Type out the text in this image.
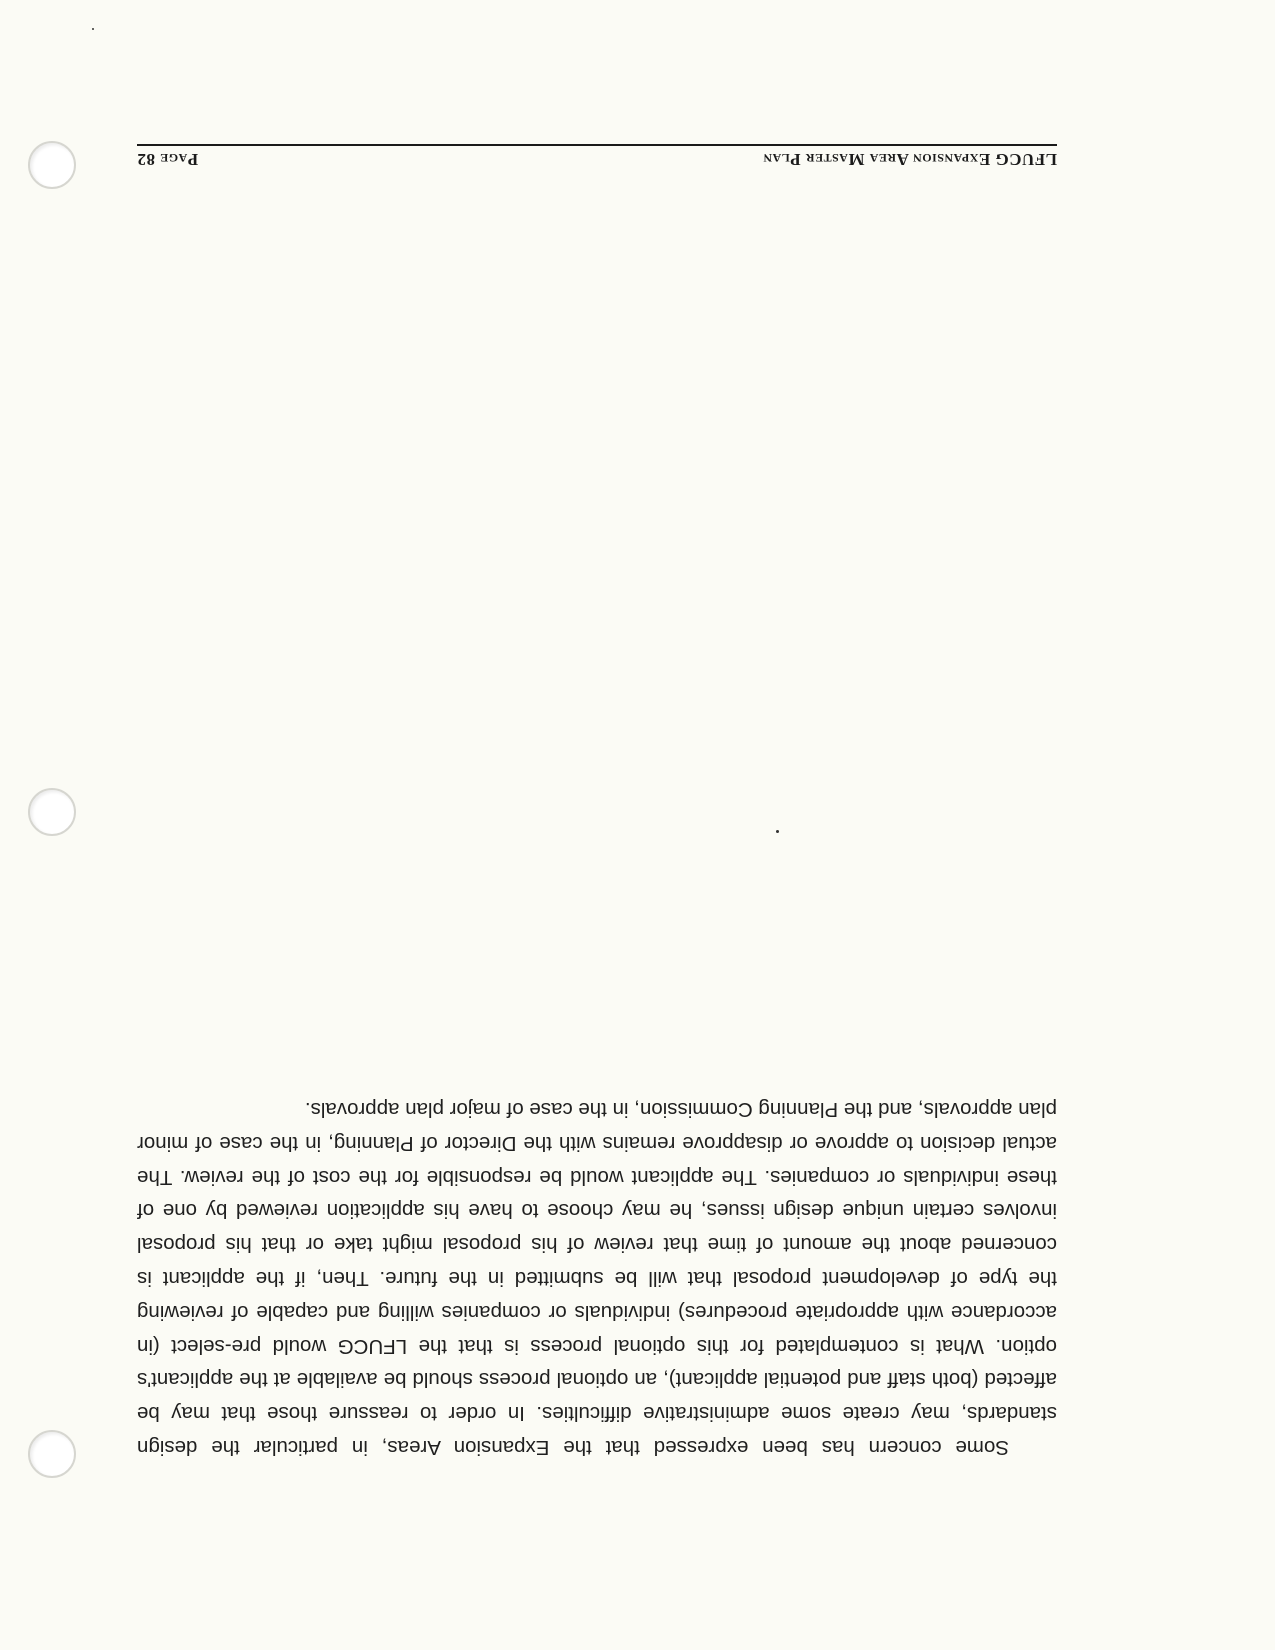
LFUCG Expansion Area Master Plan
Page 82

Some concern has been expressed that the Expansion Areas, in particular the design standards, may create some administrative difficulties. In order to reassure those that may be affected (both staff and potential applicant), an optional process should be available at the applicant's option. What is contemplated for this optional process is that the LFUCG would pre-select (in accordance with appropriate procedures) individuals or companies willing and capable of reviewing the type of development proposal that will be submitted in the future. Then, if the applicant is concerned about the amount of time that review of his proposal might take or that his proposal involves certain unique design issues, he may choose to have his application reviewed by one of these individuals or companies. The applicant would be responsible for the cost of the review. The actual decision to approve or disapprove remains with the Director of Planning, in the case of minor plan approvals, and the Planning Commission, in the case of major plan approvals.
